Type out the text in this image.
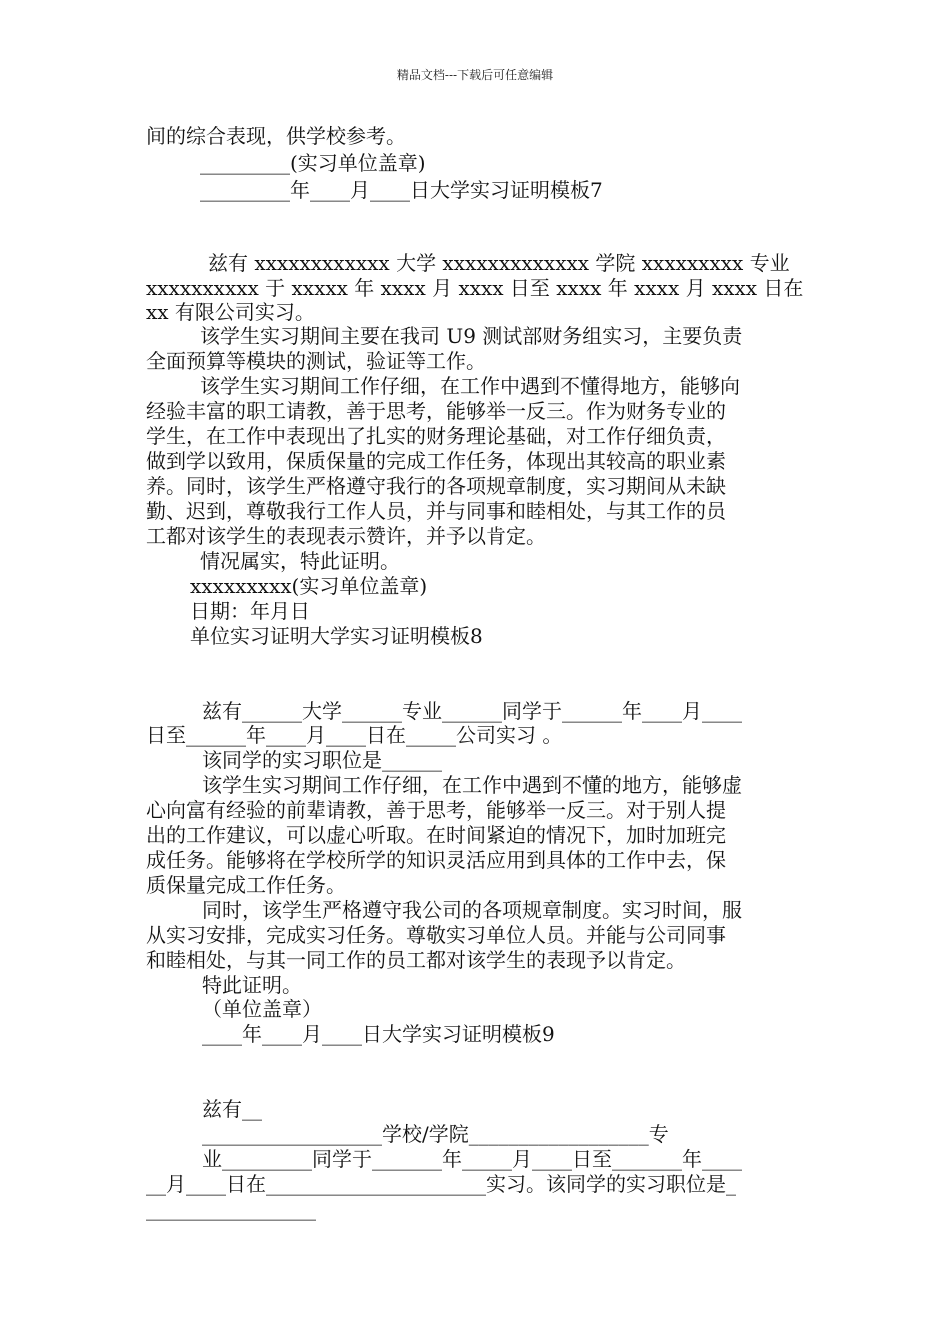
精品文档---下载后可任意编辑
间的综合表现，供学校参考。
_________(实习单位盖章)
_________年____月____日大学实习证明模板7
兹有 xxxxxxxxxxxx 大学 xxxxxxxxxxxxx 学院 xxxxxxxxx 专业
xxxxxxxxxx 于 xxxxx 年 xxxx 月 xxxx 日至 xxxx 年 xxxx 月 xxxx 日在
xx 有限公司实习。
该学生实习期间主要在我司 U9 测试部财务组实习，主要负责
全面预算等模块的测试，验证等工作。
该学生实习期间工作仔细，在工作中遇到不懂得地方，能够向
经验丰富的职工请教，善于思考，能够举一反三。作为财务专业的
学生，在工作中表现出了扎实的财务理论基础，对工作仔细负责，
做到学以致用，保质保量的完成工作任务，体现出其较高的职业素
养。同时，该学生严格遵守我行的各项规章制度，实习期间从未缺
勤、迟到，尊敬我行工作人员，并与同事和睦相处，与其工作的员
工都对该学生的表现表示赞许，并予以肯定。
情况属实，特此证明。
xxxxxxxxx(实习单位盖章)
日期：年月日
单位实习证明大学实习证明模板8
兹有______大学______专业______同学于______年____月____
日至______年____月____日在_____公司实习 。
该同学的实习职位是______
该学生实习期间工作仔细，在工作中遇到不懂的地方，能够虚
心向富有经验的前辈请教，善于思考，能够举一反三。对于别人提
出的工作建议，可以虚心听取。在时间紧迫的情况下，加时加班完
成任务。能够将在学校所学的知识灵活应用到具体的工作中去，保
质保量完成工作任务。
同时，该学生严格遵守我公司的各项规章制度。实习时间，服
从实习安排，完成实习任务。尊敬实习单位人员。并能与公司同事
和睦相处，与其一同工作的员工都对该学生的表现予以肯定。
特此证明。
（单位盖章）
____年____月____日大学实习证明模板9
兹有__
__________________学校/学院__________________专
业_________同学于_______年_____月____日至_______年____
__月____日在______________________实习。该同学的实习职位是_
_________________
